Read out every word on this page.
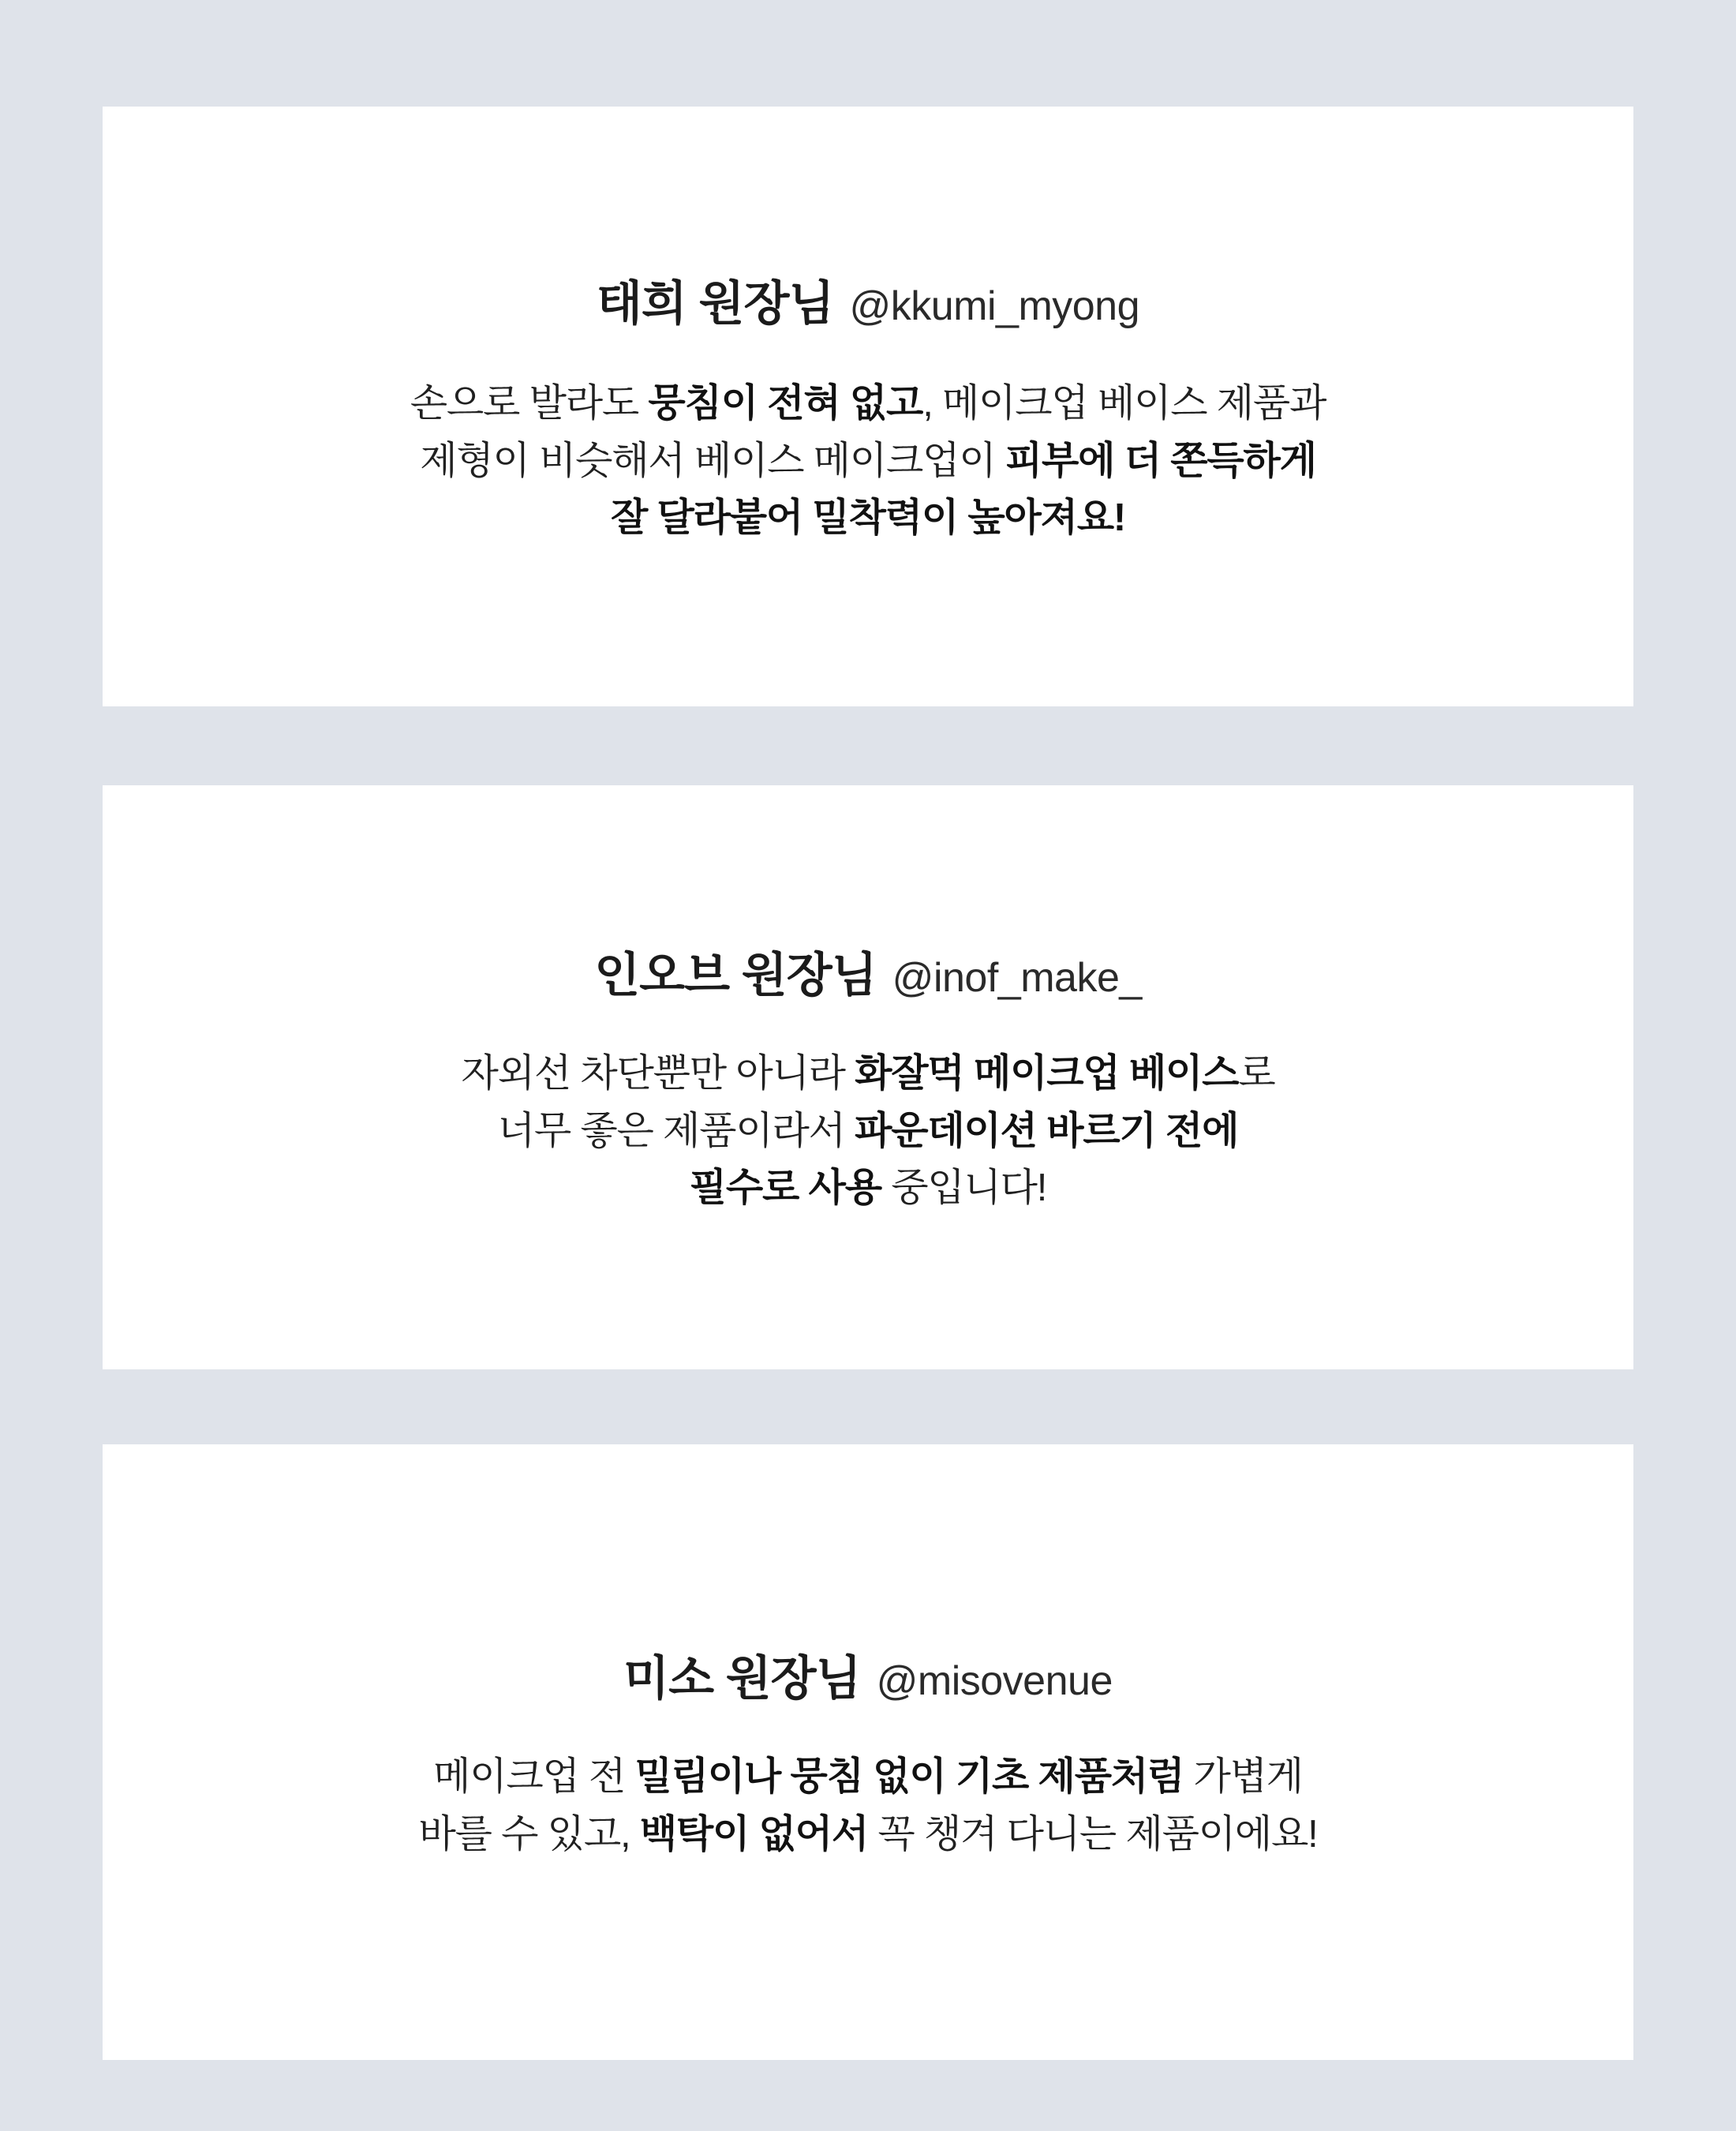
태희 원장님 @kkumi_myong
손으로 발라도 뭉침이 전혀 없고, 메이크업 베이스 제품과
제형이 비슷해서 베이스 메이크업이 피부에 더 쫀득하게
잘 달라붙어 밀착력이 높아져요!
인오브 원장님 @inof_make_
자외선 차단뿐만 아니라 화잘먹 메이크업 베이스로
너무 좋은 제품이라서 파운데이션 바르기 전에
필수로 사용 중입니다!
미소 원장님 @misovenue
메이크업 전 밀림이나 뭉침 없이 기초 제품처럼 가볍게
바를 수 있고, 백탁이 없어서 꼭 챙겨 다니는 제품이에요!
